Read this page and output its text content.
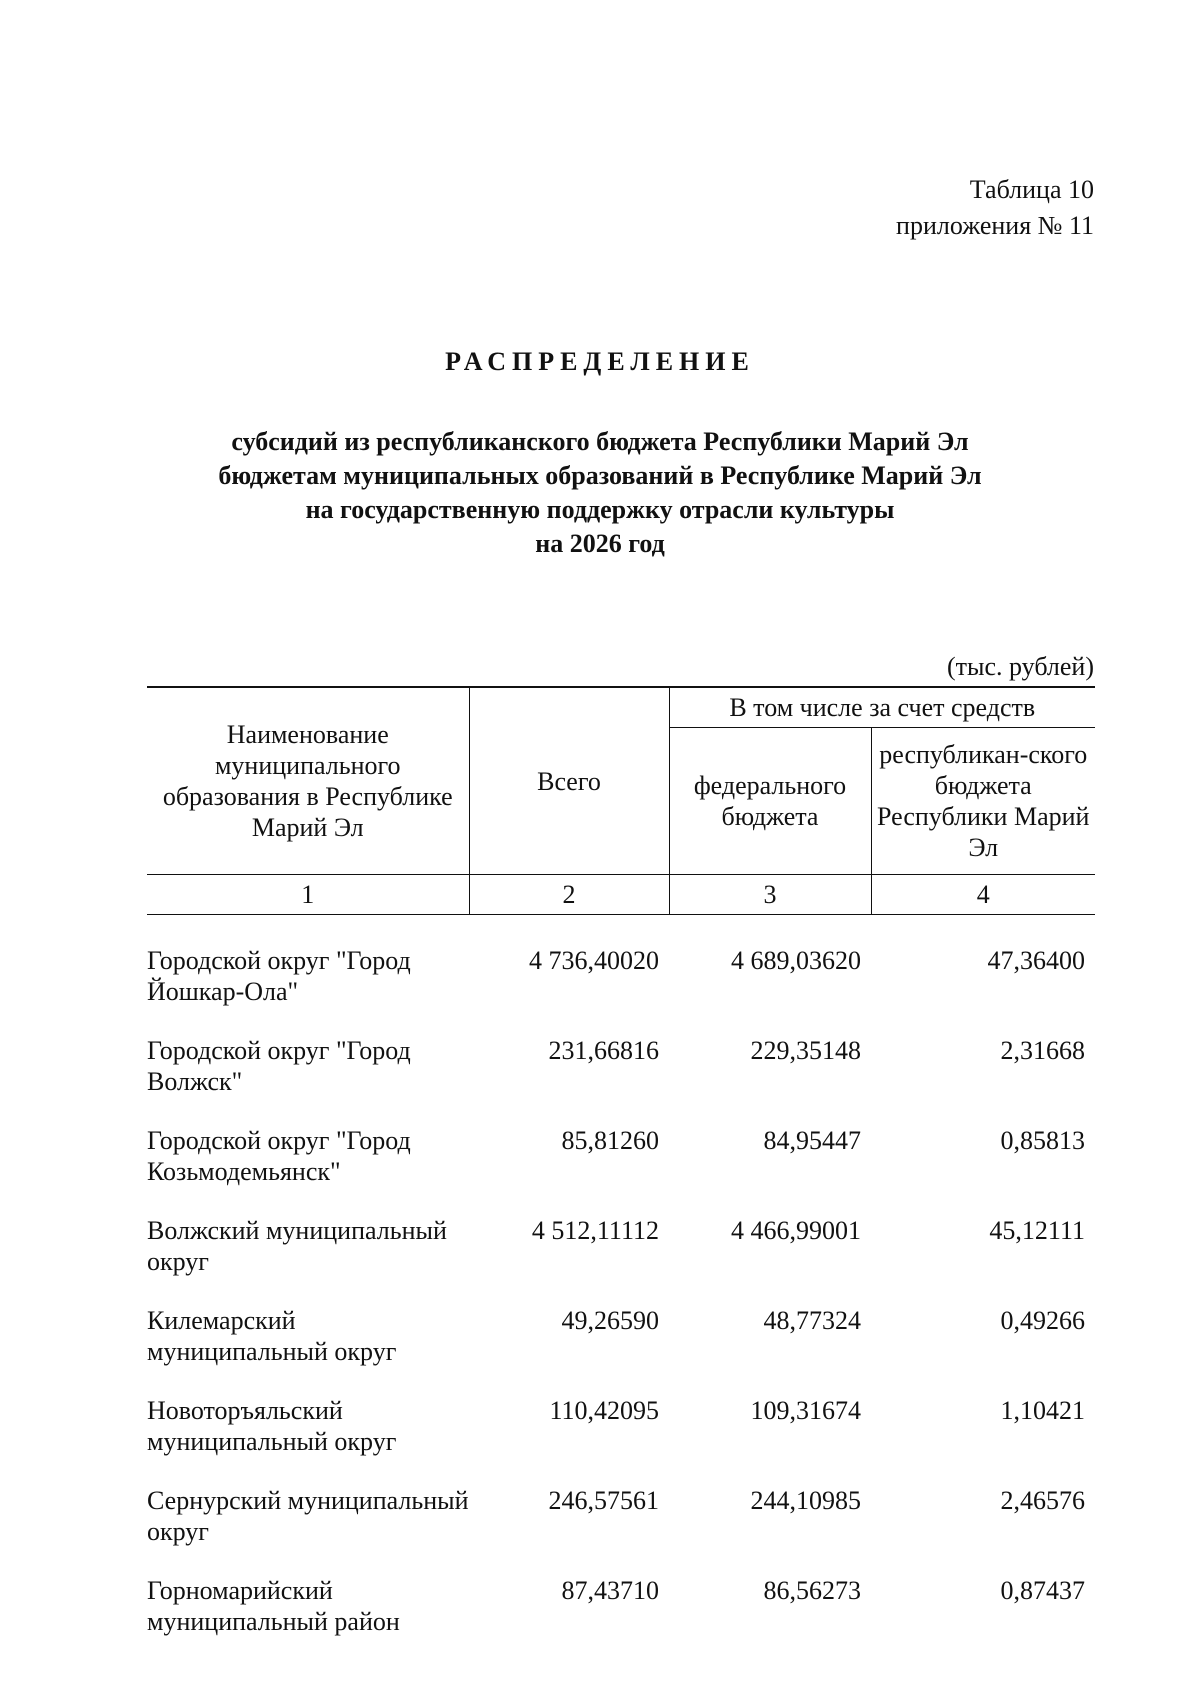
Таблица 10
приложения № 11
РАСПРЕДЕЛЕНИЕ
субсидий из республиканского бюджета Республики Марий Эл
бюджетам муниципальных образований в Республике Марий Эл
на государственную поддержку отрасли культуры
на 2026 год
(тыс. рублей)
Наименование муниципального образования в Республике Марий Эл	Всего	В том числе за счет средств	
		федерального бюджета	республикан-ского бюджета Республики Марий Эл
1	2	3	4
Городской округ "Город Йошкар-Ола"	4 736,40020	4 689,03620	47,36400
Городской округ "Город Волжск"	231,66816	229,35148	2,31668
Городской округ "Город Козьмодемьянск"	85,81260	84,95447	0,85813
Волжский муниципальный округ	4 512,11112	4 466,99001	45,12111
Килемарский муниципальный округ	49,26590	48,77324	0,49266
Новоторъяльский муниципальный округ	110,42095	109,31674	1,10421
Сернурский муниципальный округ	246,57561	244,10985	2,46576
Горномарийский муниципальный район	87,43710	86,56273	0,87437
